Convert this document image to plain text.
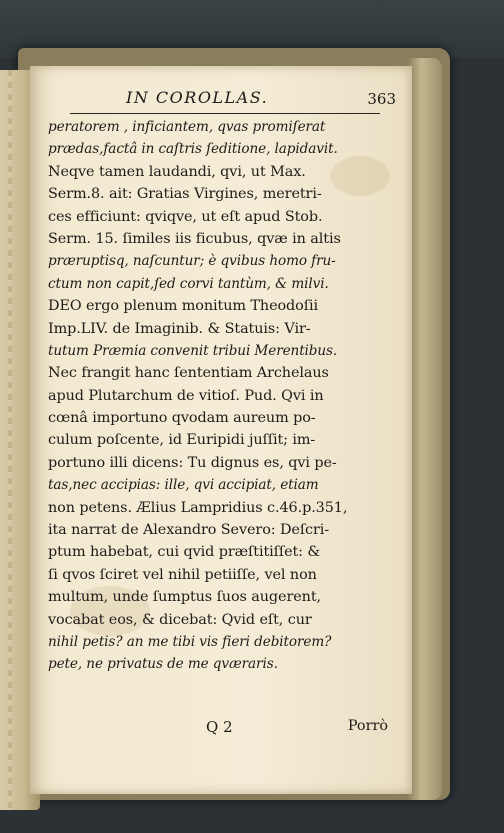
IN COROLLAS.	363
peratorem , inficiantem, qvas promiſerat
prædas,factâ in caſtris ſeditione, lapidavit.
Neqve tamen laudandi, qvi, ut Max.
Serm.8. ait: Gratias Virgines, meretri-
ces efficiunt: qviqve, ut eſt apud Stob.
Serm. 15. ſimiles iis ficubus, qvæ in altis
præruptisq, naſcuntur; è qvibus homo fru-
ctum non capit,ſed corvi tantùm, & milvi.
DEO ergo plenum monitum Theodoſii
Imp.LIV. de Imaginib. & Statuis: Vir-
tutum Præmia convenit tribui Merentibus.
Nec frangit hanc ſententiam Archelaus
apud Plutarchum de vitioſ. Pud. Qvi in
cœnâ importuno qvodam aureum po-
culum poſcente, id Euripidi juſſit; im-
portuno illi dicens: Tu dignus es, qvi pe-
tas,nec accipias: ille, qvi accipiat, etiam
non petens. Ælius Lampridius c.46.p.351,
ita narrat de Alexandro Severo: Deſcri-
ptum habebat, cui qvid præſtitiſſet: &
ſi qvos ſciret vel nihil petiiſſe, vel non
multum, unde ſumptus ſuos augerent,
vocabat eos, & dicebat: Qvid eſt, cur
nihil petis? an me tibi vis fieri debitorem?
pete, ne privatus de me qværaris.
Q 2	Porrò
